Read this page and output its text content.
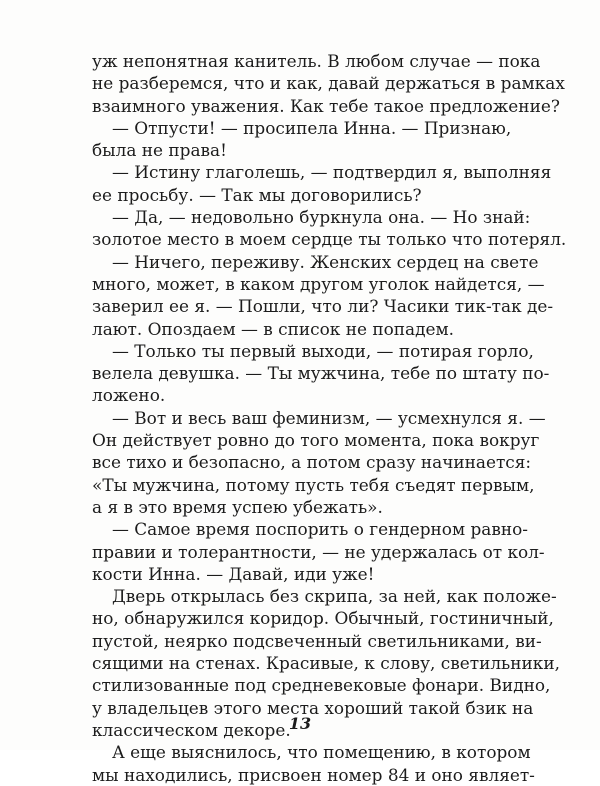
уж непонятная канитель. В любом случае — пока
не разберемся, что и как, давай держаться в рамках
взаимного уважения. Как тебе такое предложение?
— Отпусти! — просипела Инна. — Признаю,
была не права!
— Истину глаголешь, — подтвердил я, выполняя
ее просьбу. — Так мы договорились?
— Да, — недовольно буркнула она. — Но знай:
золотое место в моем сердце ты только что потерял.
— Ничего, переживу. Женских сердец на свете
много, может, в каком другом уголок найдется, —
заверил ее я. — Пошли, что ли? Часики тик-так де-
лают. Опоздаем — в список не попадем.
— Только ты первый выходи, — потирая горло,
велела девушка. — Ты мужчина, тебе по штату по-
ложено.
— Вот и весь ваш феминизм, — усмехнулся я. —
Он действует ровно до того момента, пока вокруг
все тихо и безопасно, а потом сразу начинается:
«Ты мужчина, потому пусть тебя съедят первым,
а я в это время успею убежать».
— Самое время поспорить о гендерном равно-
правии и толерантности, — не удержалась от кол-
кости Инна. — Давай, иди уже!
Дверь открылась без скрипа, за ней, как положе-
но, обнаружился коридор. Обычный, гостиничный,
пустой, неярко подсвеченный светильниками, ви-
сящими на стенах. Красивые, к слову, светильники,
стилизованные под средневековые фонари. Видно,
у владельцев этого места хороший такой бзик на
классическом декоре.
А еще выяснилось, что помещению, в котором
мы находились, присвоен номер 84 и оно являет-
13
